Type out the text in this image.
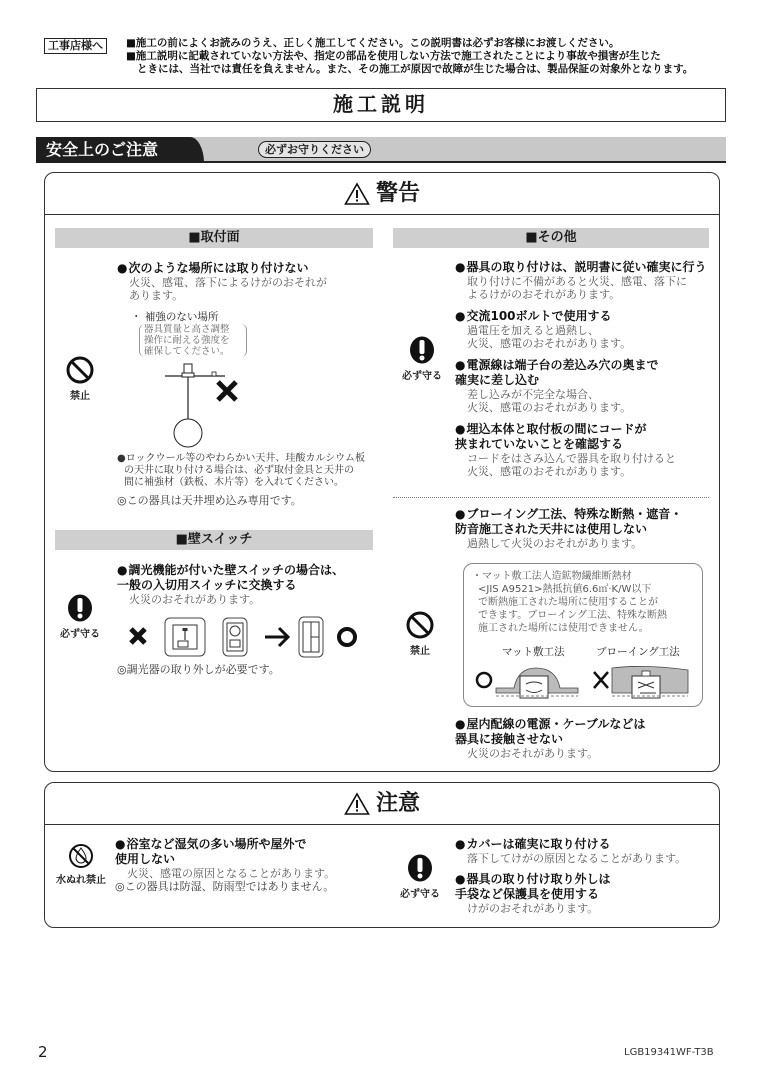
工事店様へ	■施工の前によくお読みのうえ、正しく施工してください。この説明書は必ずお客様にお渡しください。
■施工説明に記載されていない方法や、指定の部品を使用しない方法で施工されたことにより事故や損害が生じた
ときには、当社では責任を負えません。また、その施工が原因で故障が生じた場合は、製品保証の対象外となります。
施工説明
安全上のご注意	必ずお守りください
警告
■取付面
禁止
●次のような場所には取り付けない
火災、感電、落下によるけがのおそれが
あります。
・ 補強のない場所
器具質量と高さ調整
操作に耐える強度を
確保してください。
●ロックウール等のやわらかい天井、珪酸カルシウム板
の天井に取り付ける場合は、必ず取付金具と天井の
間に補強材（鉄板、木片等）を入れてください。
◎この器具は天井埋め込み専用です。
■壁スイッチ
必ず守る
●調光機能が付いた壁スイッチの場合は、
一般の入切用スイッチに交換する
火災のおそれがあります。
◎調光器の取り外しが必要です。
■その他
必ず守る
●器具の取り付けは、説明書に従い確実に行う
取り付けに不備があると火災、感電、落下に
よるけがのおそれがあります。
●交流100ボルトで使用する
過電圧を加えると過熱し、
火災、感電のおそれがあります。
●電源線は端子台の差込み穴の奥まで
確実に差し込む
差し込みが不完全な場合、
火災、感電のおそれがあります。
●埋込本体と取付板の間にコードが
挟まれていないことを確認する
コードをはさみ込んで器具を取り付けると
火災、感電のおそれがあります。
●ブローイング工法、特殊な断熱・遮音・
防音施工された天井には使用しない
過熱して火災のおそれがあります。
禁止
・マット敷工法人造鉱物繊維断熱材
<JIS A9521>熱抵抗値6.6㎡·K/W以下
で断熱施工された場所に使用することが
できます。ブローイング工法、特殊な断熱
施工された場所には使用できません。
マット敷工法	ブローイング工法
●屋内配線の電源・ケーブルなどは
器具に接触させない
火災のおそれがあります。
注意
水ぬれ禁止
●浴室など湿気の多い場所や屋外で
使用しない
火災、感電の原因となることがあります。
◎この器具は防湿、防雨型ではありません。
必ず守る
●カバーは確実に取り付ける
落下してけがの原因となることがあります。
●器具の取り付け取り外しは
手袋など保護具を使用する
けがのおそれがあります。
2	LGB19341WF-T3B
